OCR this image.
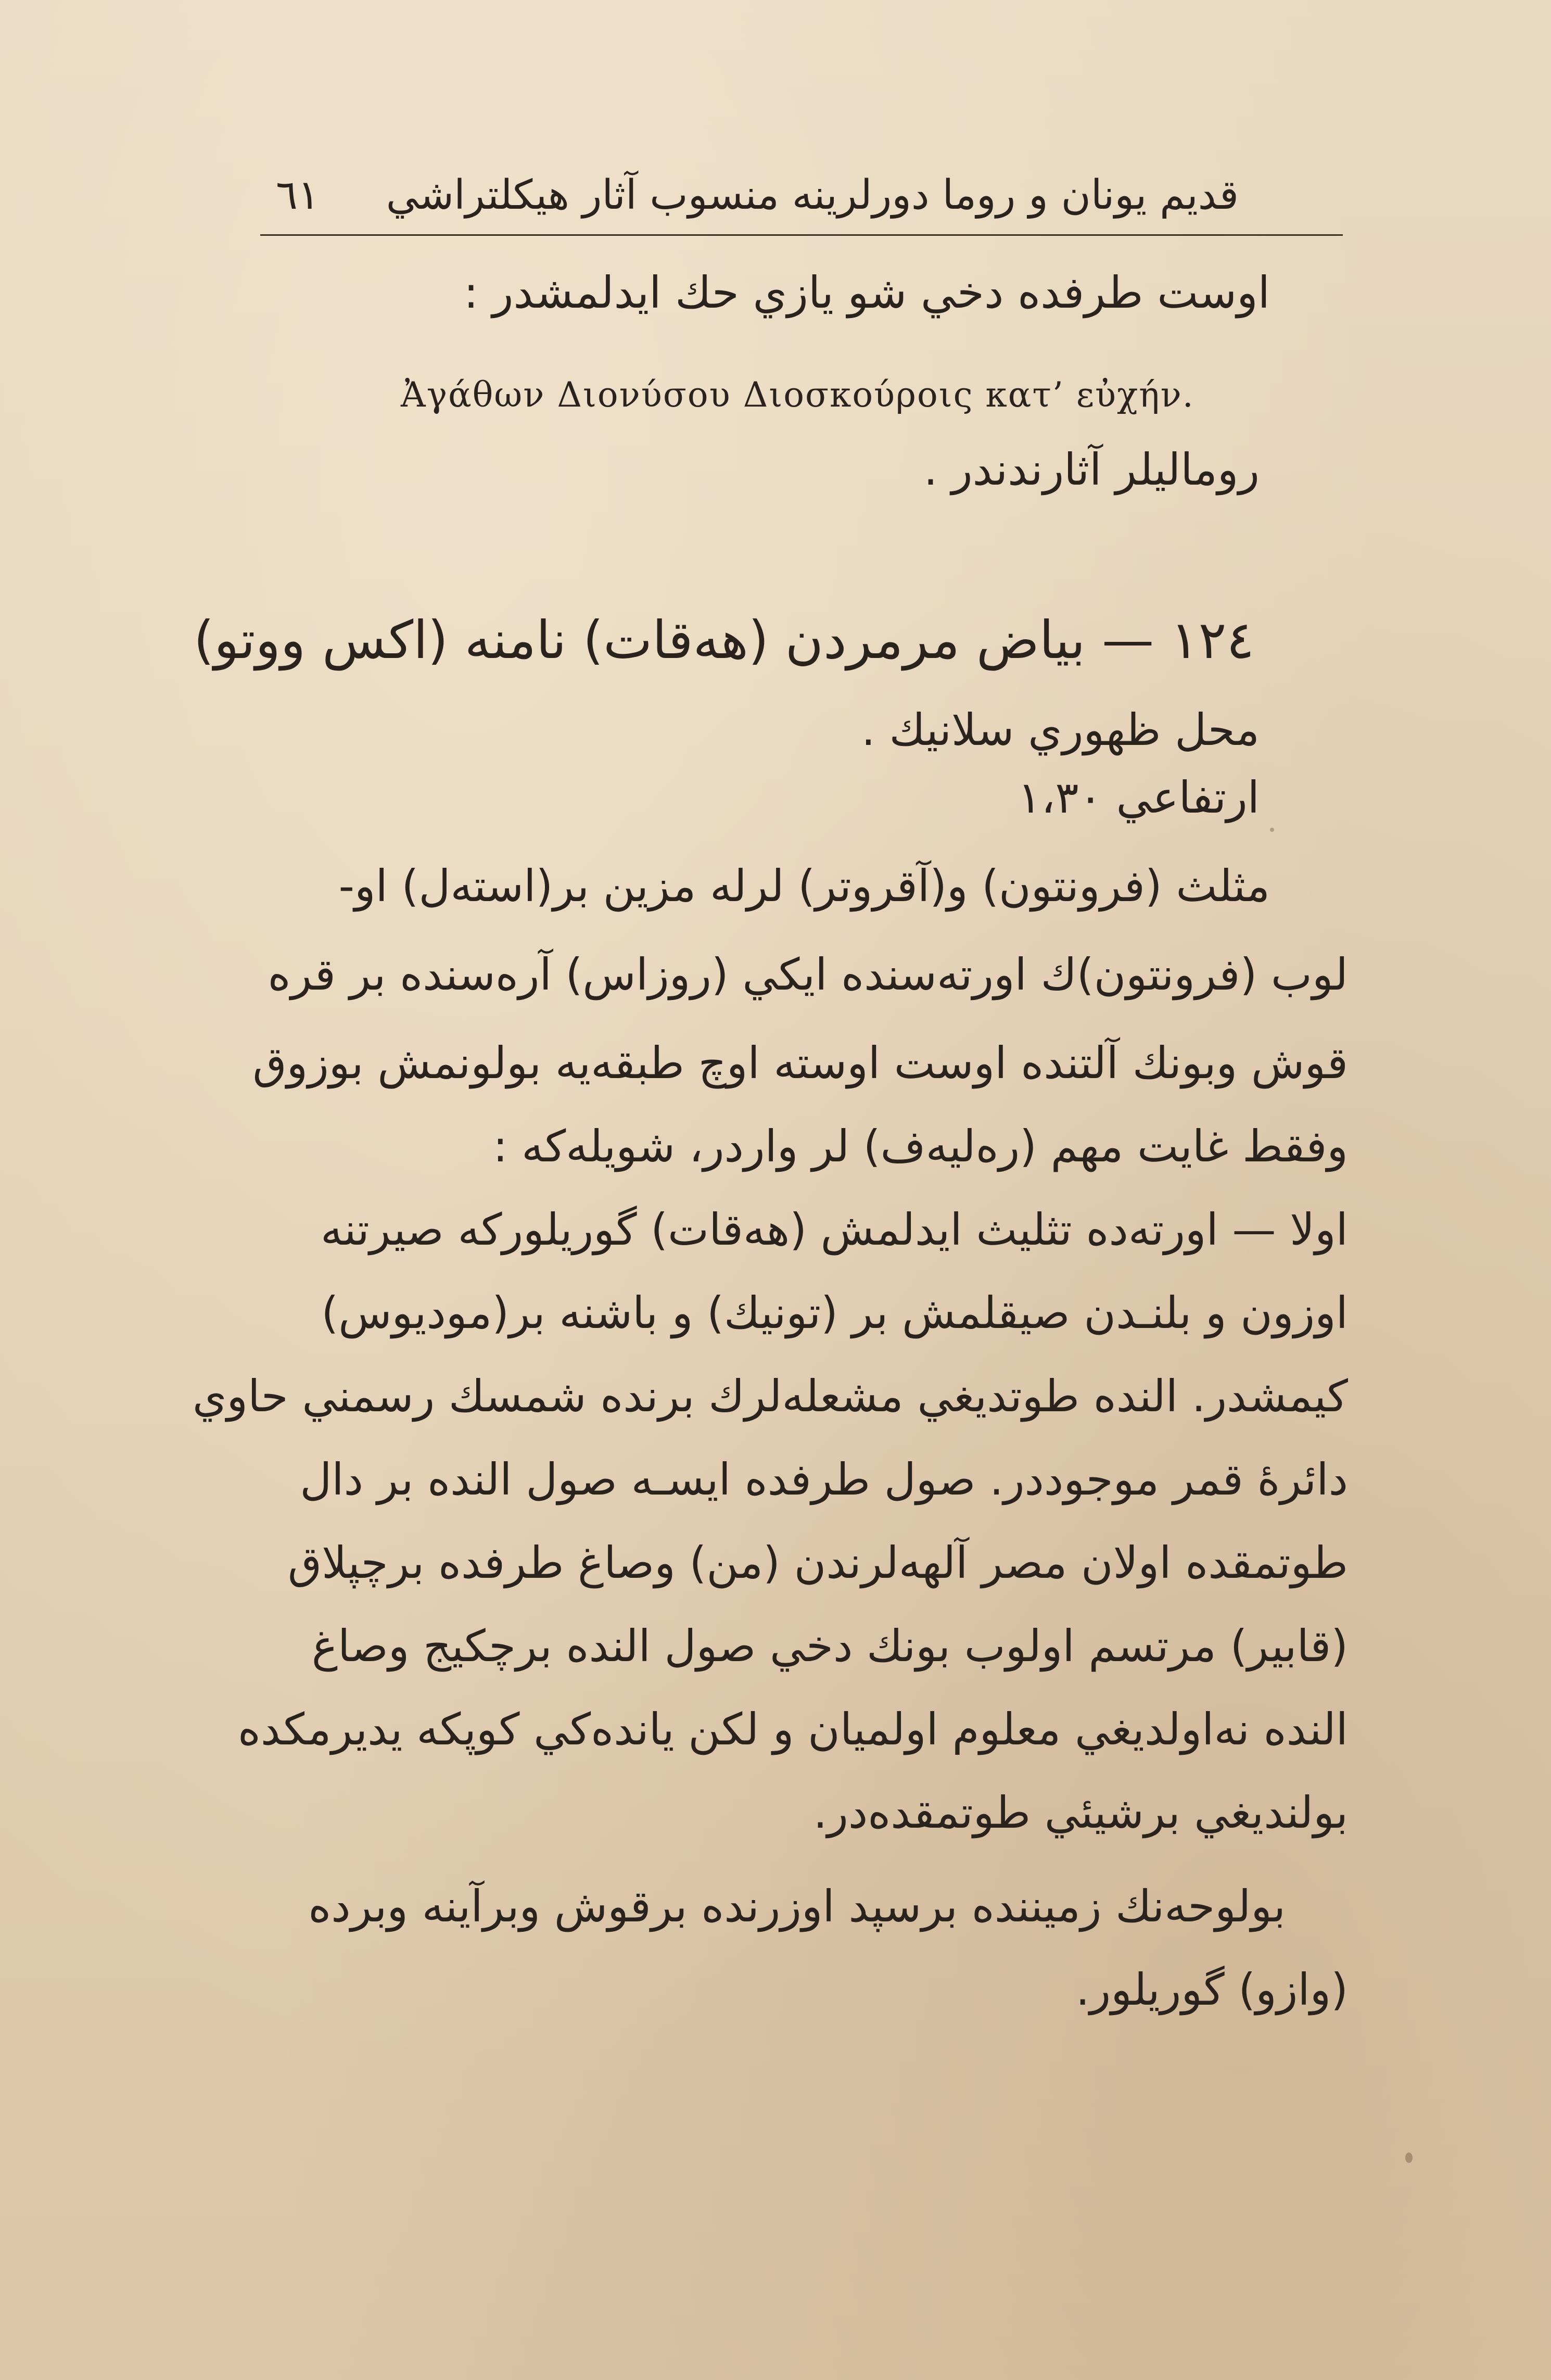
٦١ قديم يونان و روما دورلرينه منسوب آثار هيكلتراشي
اوست طرفده دخي شو يازي حك ايدلمشدر :
Ἀγάθων Διονύσου Διοσκούροις κατ’ εὐχήν.
روماليلر آثارندندر .
١٢٤ — بياض مرمردن (هه‌قات) نامنه (اكس ووتو)
محل ظهوري سلانيك .
ارتفاعي ١،٣٠
مثلث (فرونتون) و(آقروتر) لرله مزين بر(استه‌ل) او-
لوب (فرونتون)ك اورته‌سنده ايكي (روزاس) آره‌سنده بر قره
قوش وبونك آلتنده اوست اوسته اوچ طبقه‌يه بولونمش بوزوق
وفقط غايت مهم (ره‌ليه‌ف) لر واردر، شويله‌كه :
اولا — اورته‌ده تثليث ايدلمش (هه‌قات) گوريلوركه صيرتنه
اوزون و بلنـدن صيقلمش بر (تونيك) و باشنه بر(موديوس)
كيمشدر. النده طوتديغي مشعله‌لرك برنده شمسك رسمني حاوي
دائرهٔ قمر موجوددر. صول طرفده ايسـه صول النده بر دال
طوتمقده اولان مصر آلهه‌لرندن (من) وصاغ طرفده برچپلاق
(قابير) مرتسم اولوب بونك دخي صول النده برچكيج وصاغ
النده نه‌اولديغي معلوم اولميان و لكن يانده‌كي كوپكه يديرمكده
بولنديغي برشيئي طوتمقده‌در.
بولوحه‌نك زميننده برسپد اوزرنده برقوش وبرآينه وبرده
(وازو) گوريلور.
